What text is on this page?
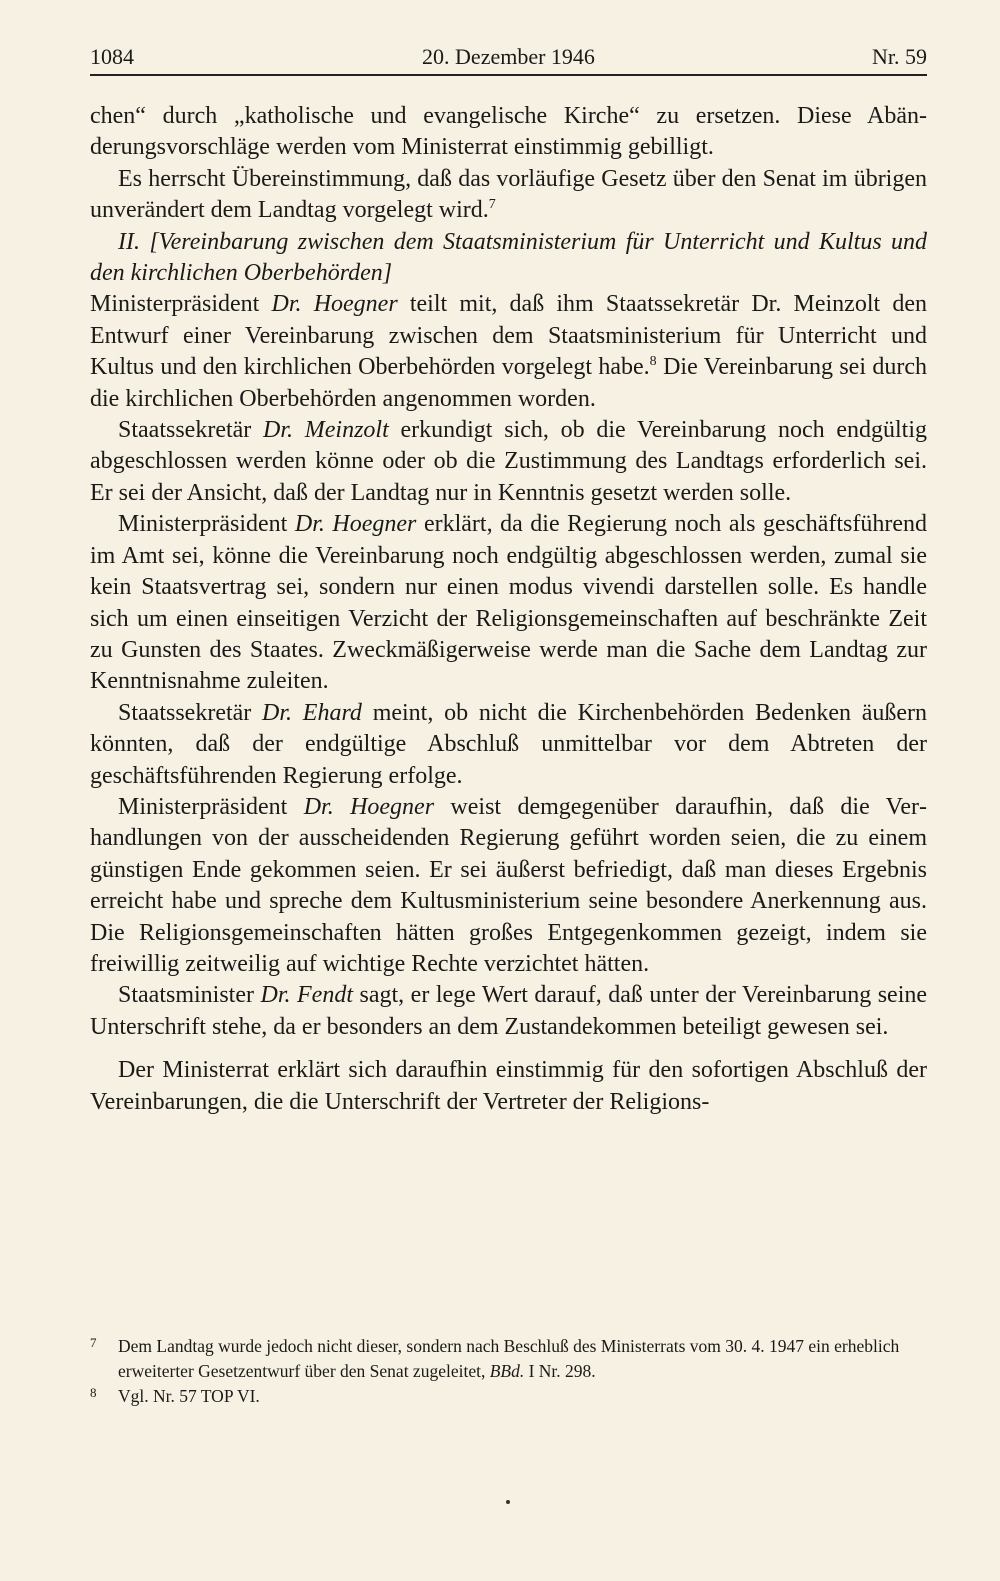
1084	20. Dezember 1946	Nr. 59

chen“ durch „katholische und evangelische Kirche“ zu ersetzen. Diese Abänderungsvorschläge werden vom Ministerrat einstimmig gebilligt.

Es herrscht Übereinstimmung, daß das vorläufige Gesetz über den Senat im übrigen unverändert dem Landtag vorgelegt wird.$^7$

II. [Vereinbarung zwischen dem Staatsministerium für Unterricht und Kultus und den kirchlichen Oberbehörden]

Ministerpräsident Dr. Hoegner teilt mit, daß ihm Staatssekretär Dr. Meinzolt den Entwurf einer Vereinbarung zwischen dem Staatsministerium für Unterricht und Kultus und den kirchlichen Oberbehörden vorgelegt habe.$^8$ Die Vereinbarung sei durch die kirchlichen Oberbehörden angenommen worden.

Staatssekretär Dr. Meinzolt erkundigt sich, ob die Vereinbarung noch endgültig abgeschlossen werden könne oder ob die Zustimmung des Landtags erforderlich sei. Er sei der Ansicht, daß der Landtag nur in Kenntnis gesetzt werden solle.

Ministerpräsident Dr. Hoegner erklärt, da die Regierung noch als geschäftsführend im Amt sei, könne die Vereinbarung noch endgültig abgeschlossen werden, zumal sie kein Staatsvertrag sei, sondern nur einen modus vivendi darstellen solle. Es handle sich um einen einseitigen Verzicht der Religionsgemeinschaften auf beschränkte Zeit zu Gunsten des Staates. Zweckmäßigerweise werde man die Sache dem Landtag zur Kenntnisnahme zuleiten.

Staatssekretär Dr. Ehard meint, ob nicht die Kirchenbehörden Bedenken äußern könnten, daß der endgültige Abschluß unmittelbar vor dem Abtreten der geschäftsführenden Regierung erfolge.

Ministerpräsident Dr. Hoegner weist demgegenüber daraufhin, daß die Verhandlungen von der ausscheidenden Regierung geführt worden seien, die zu einem günstigen Ende gekommen seien. Er sei äußerst befriedigt, daß man dieses Ergebnis erreicht habe und spreche dem Kultusministerium seine besondere Anerkennung aus. Die Religionsgemeinschaften hätten großes Entgegenkommen gezeigt, indem sie freiwillig zeitweilig auf wichtige Rechte verzichtet hätten.

Staatsminister Dr. Fendt sagt, er lege Wert darauf, daß unter der Vereinbarung seine Unterschrift stehe, da er besonders an dem Zustandekommen beteiligt gewesen sei.

Der Ministerrat erklärt sich daraufhin einstimmig für den sofortigen Abschluß der Vereinbarungen, die die Unterschrift der Vertreter der Religions-

7 Dem Landtag wurde jedoch nicht dieser, sondern nach Beschluß des Ministerrats vom 30. 4. 1947 ein erheblich erweiterter Gesetzentwurf über den Senat zugeleitet, BBd. I Nr. 298.
8 Vgl. Nr. 57 TOP VI.
